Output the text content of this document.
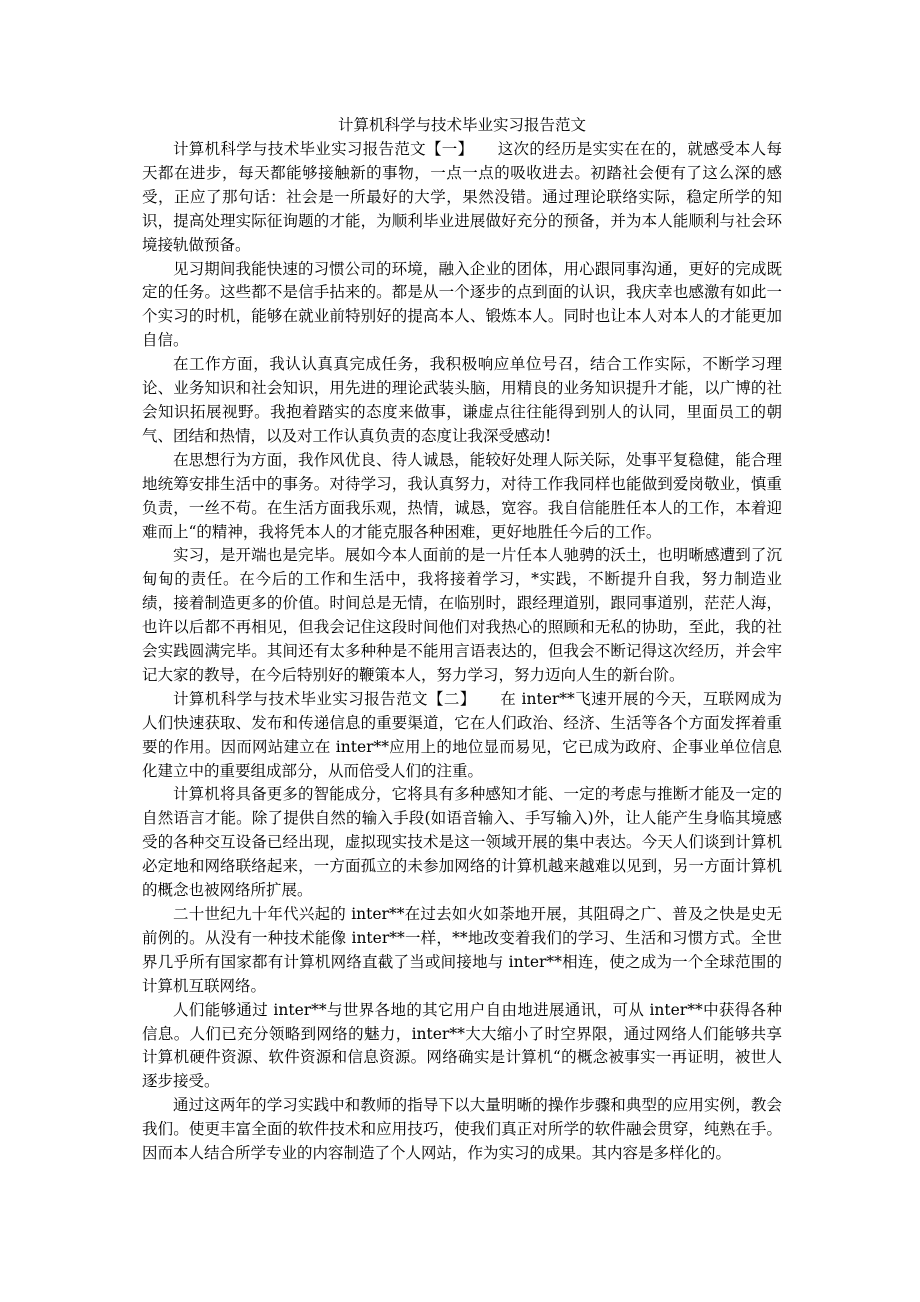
计算机科学与技术毕业实习报告范文

计算机科学与技术毕业实习报告范文【一】 这次的经历是实实在在的，就感受本人每天都在进步，每天都能够接触新的事物，一点一点的吸收进去。初踏社会便有了这么深的感受，正应了那句话：社会是一所最好的大学，果然没错。通过理论联络实际，稳定所学的知识，提高处理实际征询题的才能，为顺利毕业进展做好充分的预备，并为本人能顺利与社会环境接轨做预备。

见习期间我能快速的习惯公司的环境，融入企业的团体，用心跟同事沟通，更好的完成既定的任务。这些都不是信手拈来的。都是从一个逐步的点到面的认识，我庆幸也感激有如此一个实习的时机，能够在就业前特别好的提高本人、锻炼本人。同时也让本人对本人的才能更加自信。

在工作方面，我认认真真完成任务，我积极响应单位号召，结合工作实际，不断学习理论、业务知识和社会知识，用先进的理论武装头脑，用精良的业务知识提升才能，以广博的社会知识拓展视野。我抱着踏实的态度来做事，谦虚点往往能得到别人的认同，里面员工的朝气、团结和热情，以及对工作认真负责的态度让我深受感动!

在思想行为方面，我作风优良、待人诚恳，能较好处理人际关际，处事平复稳健，能合理地统筹安排生活中的事务。对待学习，我认真努力，对待工作我同样也能做到爱岗敬业，慎重负责，一丝不苟。在生活方面我乐观，热情，诚恳，宽容。我自信能胜任本人的工作，本着迎难而上“的精神，我将凭本人的才能克服各种困难，更好地胜任今后的工作。

实习，是开端也是完毕。展如今本人面前的是一片任本人驰骋的沃土，也明晰感遭到了沉甸甸的责任。在今后的工作和生活中，我将接着学习，*实践，不断提升自我，努力制造业绩，接着制造更多的价值。时间总是无情，在临别时，跟经理道别，跟同事道别，茫茫人海，也许以后都不再相见，但我会记住这段时间他们对我热心的照顾和无私的协助，至此，我的社会实践圆满完毕。其间还有太多种种是不能用言语表达的，但我会不断记得这次经历，并会牢记大家的教导，在今后特别好的鞭策本人，努力学习，努力迈向人生的新台阶。

计算机科学与技术毕业实习报告范文【二】 在 inter**飞速开展的今天，互联网成为人们快速获取、发布和传递信息的重要渠道，它在人们政治、经济、生活等各个方面发挥着重要的作用。因而网站建立在 inter**应用上的地位显而易见，它已成为政府、企事业单位信息化建立中的重要组成部分，从而倍受人们的注重。

计算机将具备更多的智能成分，它将具有多种感知才能、一定的考虑与推断才能及一定的自然语言才能。除了提供自然的输入手段(如语音输入、手写输入)外，让人能产生身临其境感受的各种交互设备已经出现，虚拟现实技术是这一领域开展的集中表达。今天人们谈到计算机必定地和网络联络起来，一方面孤立的未参加网络的计算机越来越难以见到，另一方面计算机的概念也被网络所扩展。

二十世纪九十年代兴起的 inter**在过去如火如荼地开展，其阻碍之广、普及之快是史无前例的。从没有一种技术能像 inter**一样，**地改变着我们的学习、生活和习惯方式。全世界几乎所有国家都有计算机网络直截了当或间接地与 inter**相连，使之成为一个全球范围的计算机互联网络。

人们能够通过 inter**与世界各地的其它用户自由地进展通讯，可从 inter**中获得各种信息。人们已充分领略到网络的魅力，inter**大大缩小了时空界限，通过网络人们能够共享计算机硬件资源、软件资源和信息资源。网络确实是计算机“的概念被事实一再证明，被世人逐步接受。

通过这两年的学习实践中和教师的指导下以大量明晰的操作步骤和典型的应用实例，教会我们。使更丰富全面的软件技术和应用技巧，使我们真正对所学的软件融会贯穿，纯熟在手。因而本人结合所学专业的内容制造了个人网站，作为实习的成果。其内容是多样化的。
